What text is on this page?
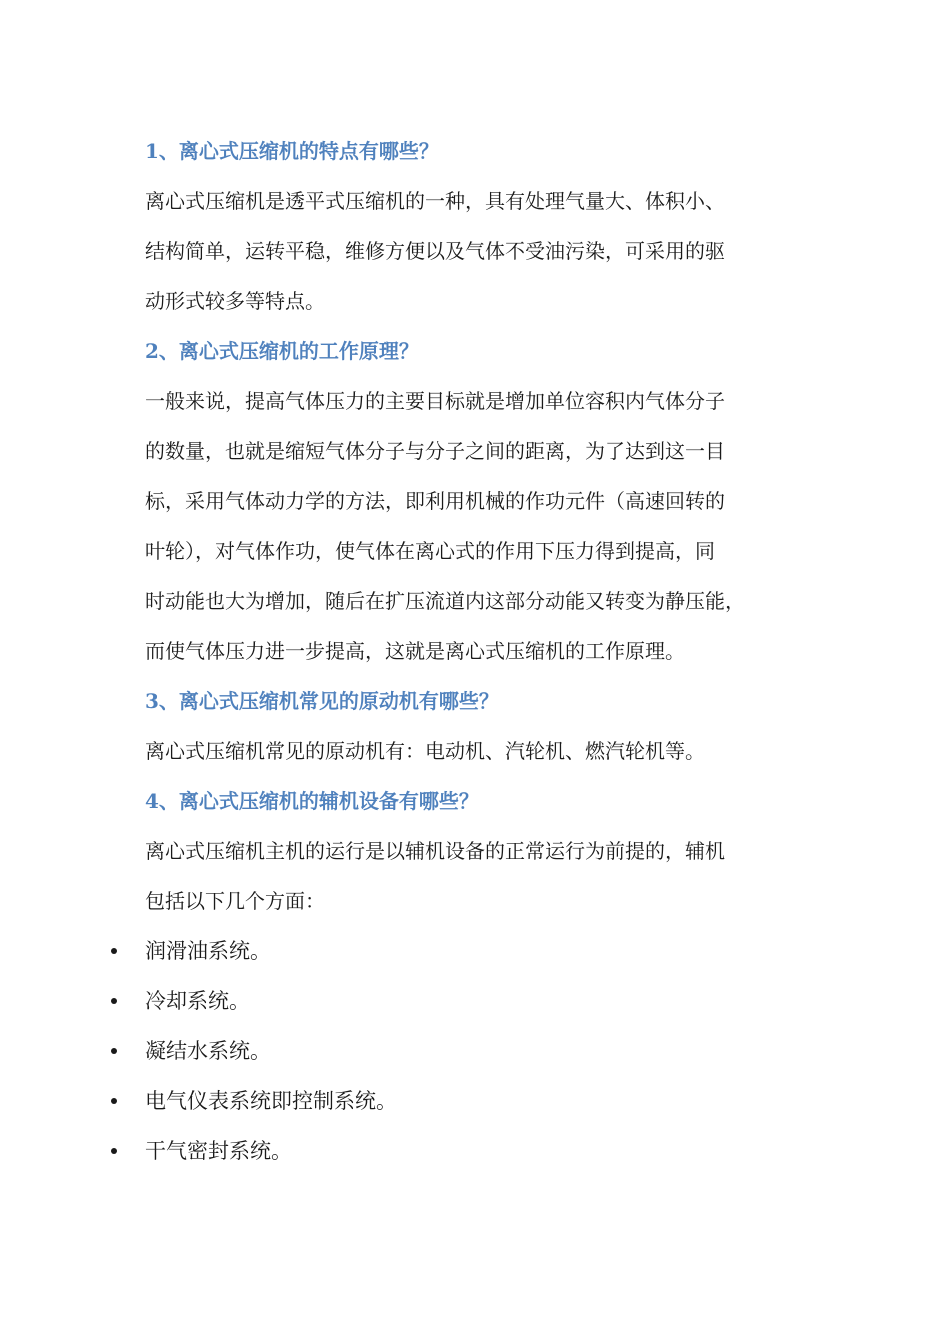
1、离心式压缩机的特点有哪些？

离心式压缩机是透平式压缩机的一种，具有处理气量大、体积小、
结构简单，运转平稳，维修方便以及气体不受油污染，可采用的驱
动形式较多等特点。

2、离心式压缩机的工作原理？

一般来说，提高气体压力的主要目标就是增加单位容积内气体分子
的数量，也就是缩短气体分子与分子之间的距离，为了达到这一目
标，采用气体动力学的方法，即利用机械的作功元件（高速回转的
叶轮），对气体作功，使气体在离心式的作用下压力得到提高，同
时动能也大为增加，随后在扩压流道内这部分动能又转变为静压能，
而使气体压力进一步提高，这就是离心式压缩机的工作原理。

3、离心式压缩机常见的原动机有哪些？

离心式压缩机常见的原动机有：电动机、汽轮机、燃汽轮机等。

4、离心式压缩机的辅机设备有哪些？

离心式压缩机主机的运行是以辅机设备的正常运行为前提的，辅机
包括以下几个方面：

润滑油系统。
冷却系统。
凝结水系统。
电气仪表系统即控制系统。
干气密封系统。
